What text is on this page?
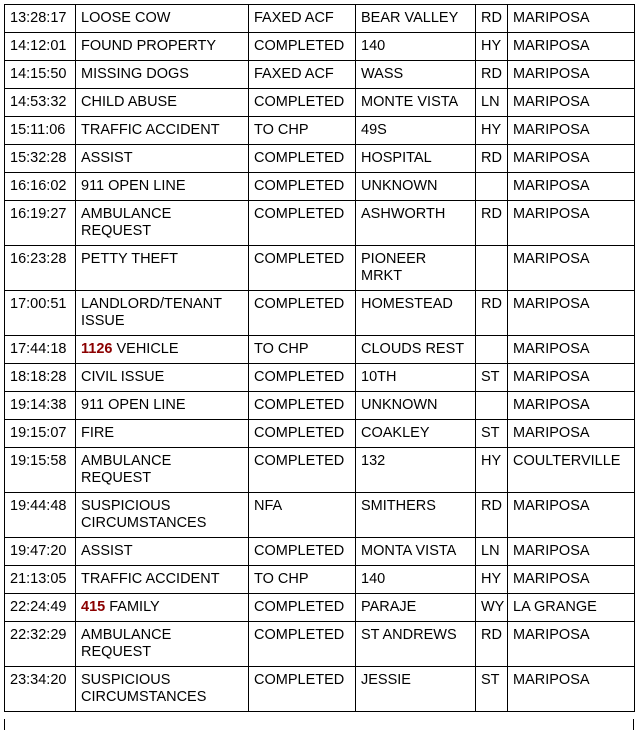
13:28:17	LOOSE COW	FAXED ACF	BEAR VALLEY	RD	MARIPOSA
14:12:01	FOUND PROPERTY	COMPLETED	140	HY	MARIPOSA
14:15:50	MISSING DOGS	FAXED ACF	WASS	RD	MARIPOSA
14:53:32	CHILD ABUSE	COMPLETED	MONTE VISTA	LN	MARIPOSA
15:11:06	TRAFFIC ACCIDENT	TO CHP	49S	HY	MARIPOSA
15:32:28	ASSIST	COMPLETED	HOSPITAL	RD	MARIPOSA
16:16:02	911 OPEN LINE	COMPLETED	UNKNOWN		MARIPOSA
16:19:27	AMBULANCE REQUEST	COMPLETED	ASHWORTH	RD	MARIPOSA
16:23:28	PETTY THEFT	COMPLETED	PIONEER MRKT		MARIPOSA
17:00:51	LANDLORD/TENANT ISSUE	COMPLETED	HOMESTEAD	RD	MARIPOSA
17:44:18	1126 VEHICLE	TO CHP	CLOUDS REST		MARIPOSA
18:18:28	CIVIL ISSUE	COMPLETED	10TH	ST	MARIPOSA
19:14:38	911 OPEN LINE	COMPLETED	UNKNOWN		MARIPOSA
19:15:07	FIRE	COMPLETED	COAKLEY	ST	MARIPOSA
19:15:58	AMBULANCE REQUEST	COMPLETED	132	HY	COULTERVILLE
19:44:48	SUSPICIOUS CIRCUMSTANCES	NFA	SMITHERS	RD	MARIPOSA
19:47:20	ASSIST	COMPLETED	MONTA VISTA	LN	MARIPOSA
21:13:05	TRAFFIC ACCIDENT	TO CHP	140	HY	MARIPOSA
22:24:49	415 FAMILY	COMPLETED	PARAJE	WY	LA GRANGE
22:32:29	AMBULANCE REQUEST	COMPLETED	ST ANDREWS	RD	MARIPOSA
23:34:20	SUSPICIOUS CIRCUMSTANCES	COMPLETED	JESSIE	ST	MARIPOSA
